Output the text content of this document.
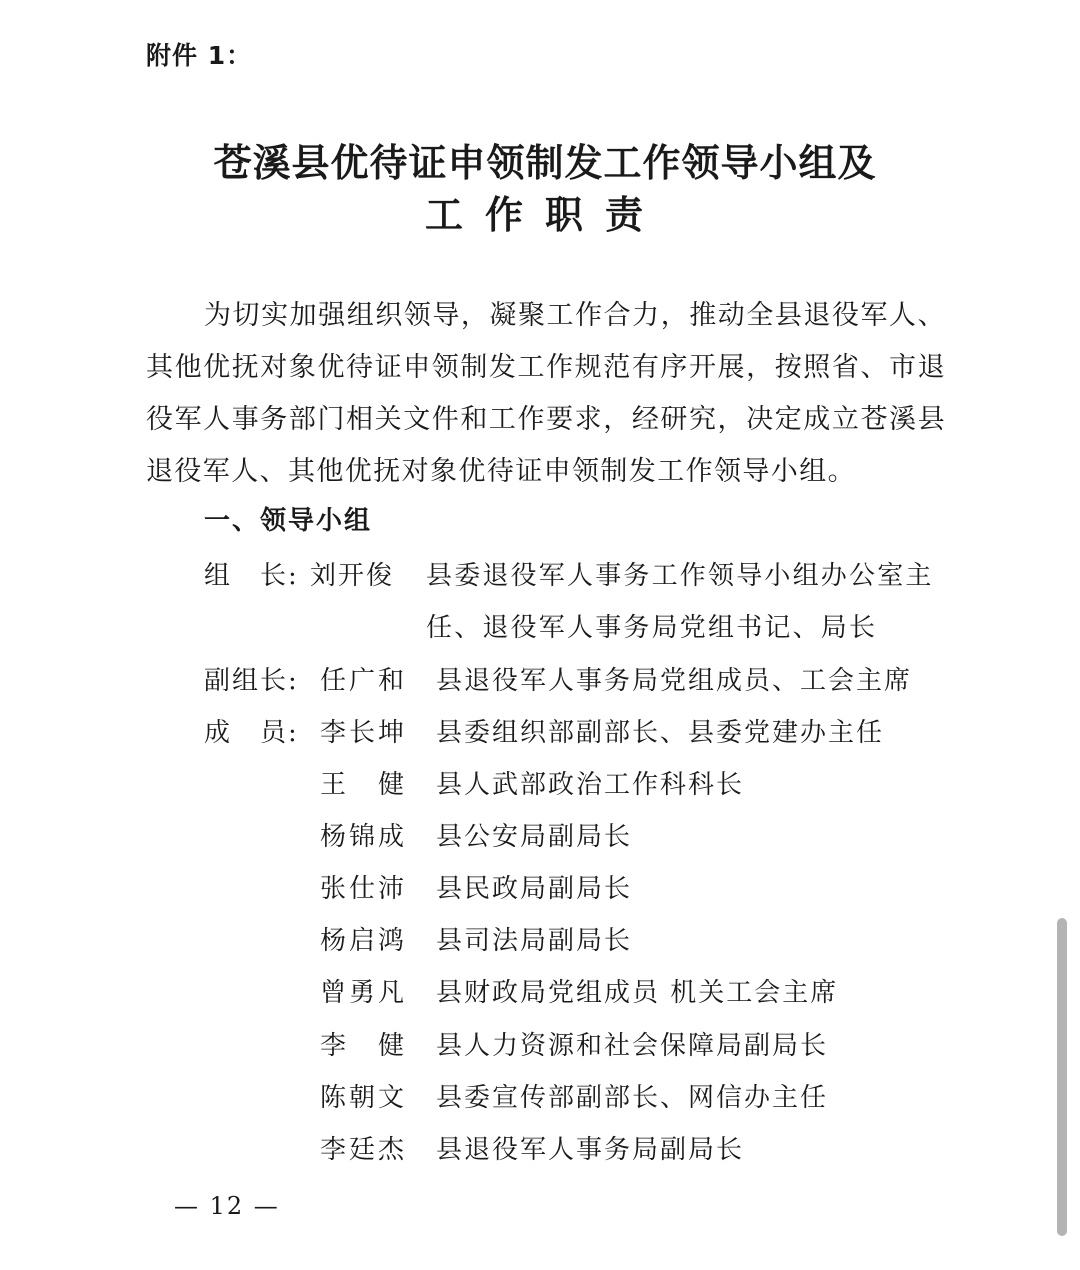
附件 1：
苍溪县优待证申领制发工作领导小组及
工作职责
为切实加强组织领导，凝聚工作合力，推动全县退役军人、其他优抚对象优待证申领制发工作规范有序开展，按照省、市退役军人事务部门相关文件和工作要求，经研究，决定成立苍溪县退役军人、其他优抚对象优待证申领制发工作领导小组。
一、领导小组
组　长: 刘开俊 县委退役军人事务工作领导小组办公室主
任、退役军人事务局党组书记、局长
副组长: 任广和 县退役军人事务局党组成员、工会主席
成　员: 李长坤 县委组织部副部长、县委党建办主任
王　健 县人武部政治工作科科长
杨锦成 县公安局副局长
张仕沛 县民政局副局长
杨启鸿 县司法局副局长
曾勇凡 县财政局党组成员 机关工会主席
李　健 县人力资源和社会保障局副局长
陈朝文 县委宣传部副部长、网信办主任
李廷杰 县退役军人事务局副局长
— 12 —
